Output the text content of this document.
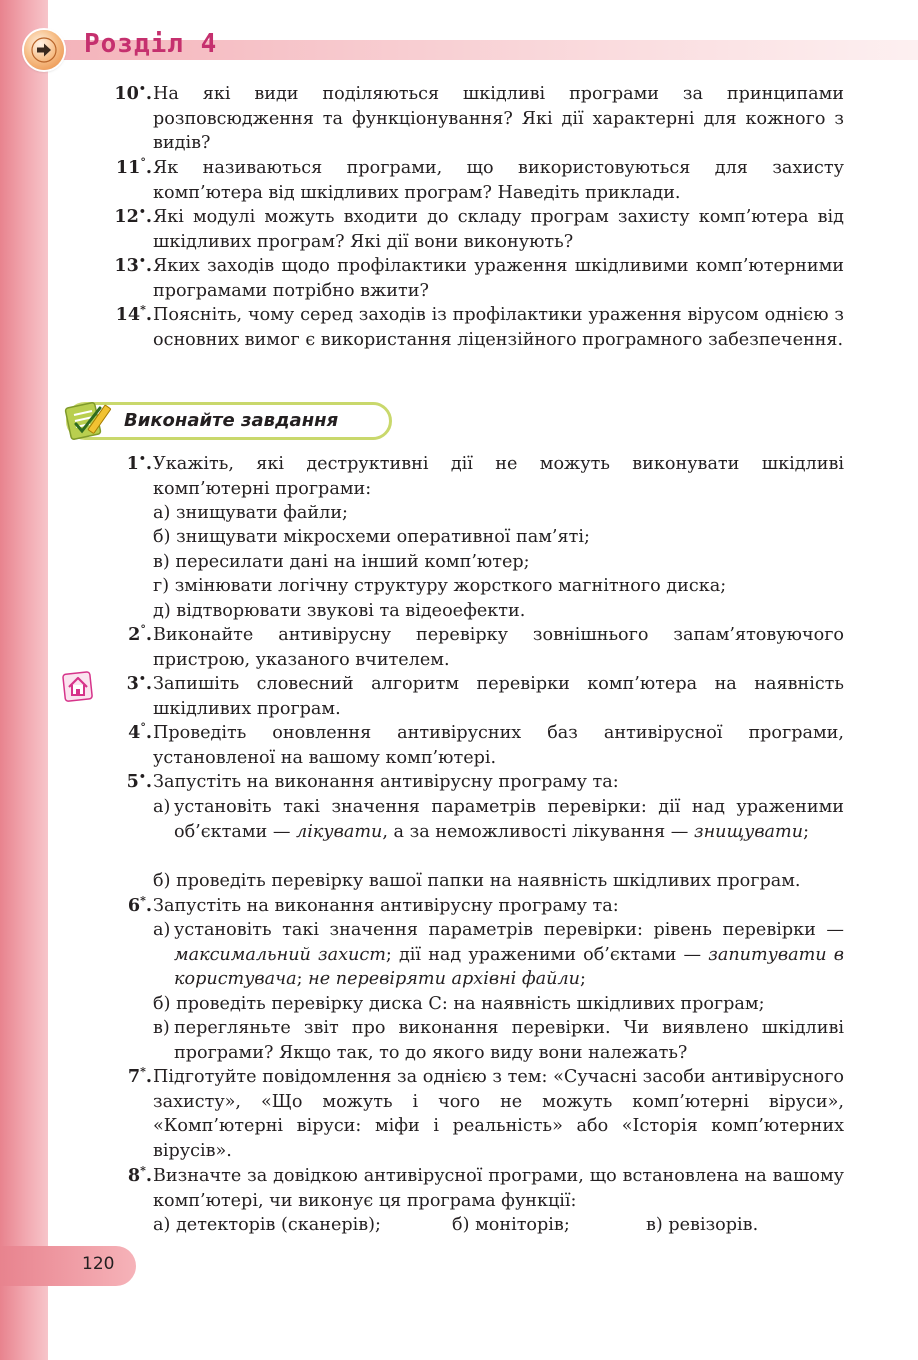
Розділ 4
10•. На які види поділяються шкідливі програми за принципами розповсюдження та функціонування? Які дії характерні для кожного з видів?
11°. Як називаються програми, що використовуються для захисту комп’ютера від шкідливих програм? Наведіть приклади.
12•. Які модулі можуть входити до складу програм захисту комп’ютера від шкідливих програм? Які дії вони виконують?
13•. Яких заходів щодо профілактики ураження шкідливими комп’ютерними програмами потрібно вжити?
14*. Поясніть, чому серед заходів із профілактики ураження вірусом однією з основних вимог є використання ліцензійного програмного забезпечення.
Виконайте завдання
1•. Укажіть, які деструктивні дії не можуть виконувати шкідливі комп’ютерні програми:
а) знищувати файли;
б) знищувати мікросхеми оперативної пам’яті;
в) пересилати дані на інший комп’ютер;
г) змінювати логічну структуру жорсткого магнітного диска;
д) відтворювати звукові та відеоефекти.
2°. Виконайте антивірусну перевірку зовнішнього запам’ятовуючого пристрою, указаного вчителем.
3•. Запишіть словесний алгоритм перевірки комп’ютера на наявність шкідливих програм.
4°. Проведіть оновлення антивірусних баз антивірусної програми, установленої на вашому комп’ютері.
5•. Запустіть на виконання антивірусну програму та:
а) установіть такі значення параметрів перевірки: дії над ураженими об’єктами — лікувати, а за неможливості лікування — знищувати;
б) проведіть перевірку вашої папки на наявність шкідливих програм.
6*. Запустіть на виконання антивірусну програму та:
а) установіть такі значення параметрів перевірки: рівень перевірки — максимальний захист; дії над ураженими об’єктами — запитувати в користувача; не перевіряти архівні файли;
б) проведіть перевірку диска С: на наявність шкідливих програм;
в) перегляньте звіт про виконання перевірки. Чи виявлено шкідливі програми? Якщо так, то до якого виду вони належать?
7*. Підготуйте повідомлення за однією з тем: «Сучасні засоби антивірусного захисту», «Що можуть і чого не можуть комп’ютерні віруси», «Комп’ютерні віруси: міфи і реальність» або «Історія комп’ютерних вірусів».
8*. Визначте за довідкою антивірусної програми, що встановлена на вашому комп’ютері, чи виконує ця програма функції:
а) детекторів (сканерів);	б) моніторів;	в) ревізорів.
120
